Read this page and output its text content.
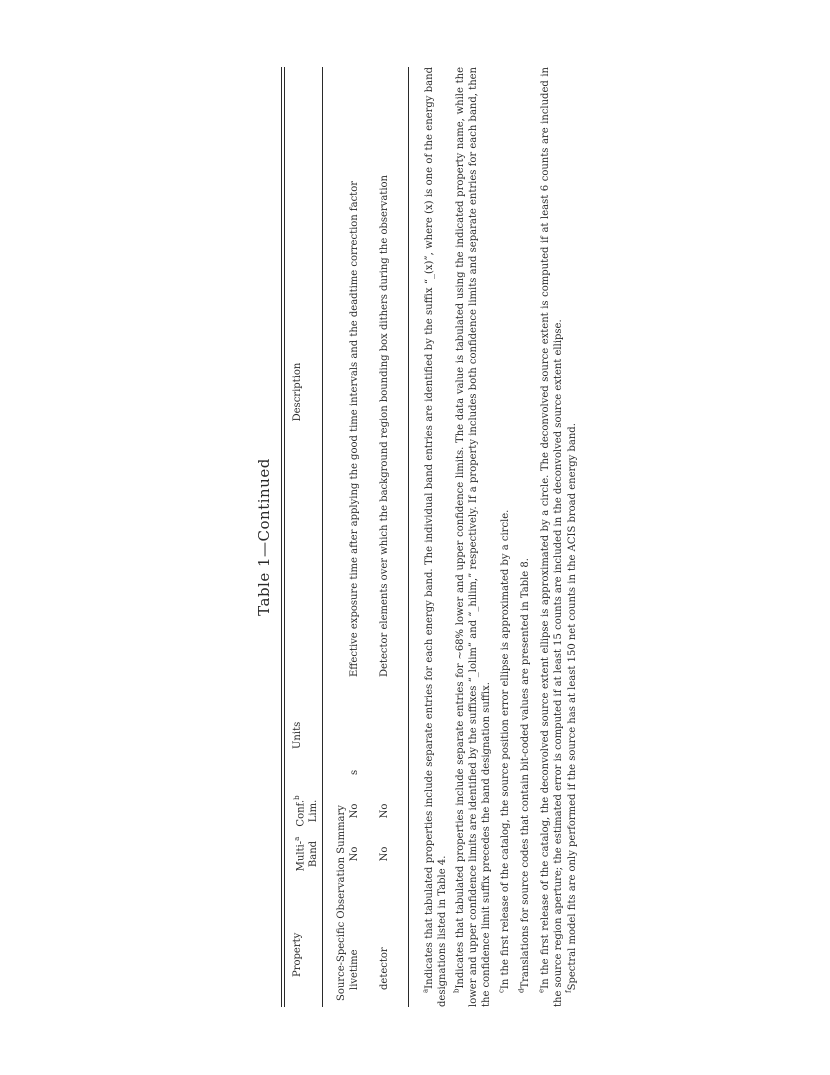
Table 1—Continued
Property
Multi-$^a$
Band
Conf.$^b$
Lim.
Units
Description
Source-Specific Observation Summary livetime
No
No
s
Effective exposure time after applying the good time intervals and the deadtime correction factor
detector
No
No
Detector elements over which the background region bounding box dithers during the observation
$^a$Indicates that tabulated properties include separate entries for each energy band. The individual band entries are identified by the suffix “_(x)”, where (x) is one of the energy band designations listed in Table 4. $^b$Indicates that tabulated properties include separate entries for ∼68% lower and upper confidence limits. The data value is tabulated using the indicated property name, while the lower and upper confidence limits are identified by the suffixes “_lolim” and “_hilim,” respectively. If a property includes both confidence limits and separate entries for each band, then the confidence limit suffix precedes the band designation suffix. $^c$In the first release of the catalog, the source position error ellipse is approximated by a circle.
$^d$Translations for source codes that contain bit-coded values are presented in Table 8.
$^e$In the first release of the catalog, the deconvolved source extent ellipse is approximated by a circle. The deconvolved source extent is computed if at least 6 counts are included in the source region aperture; the estimated error is computed if at least 15 counts are included in the deconvolved source extent ellipse. $^f$Spectral model fits are only performed if the source has at least 150 net counts in the ACIS broad energy band.
